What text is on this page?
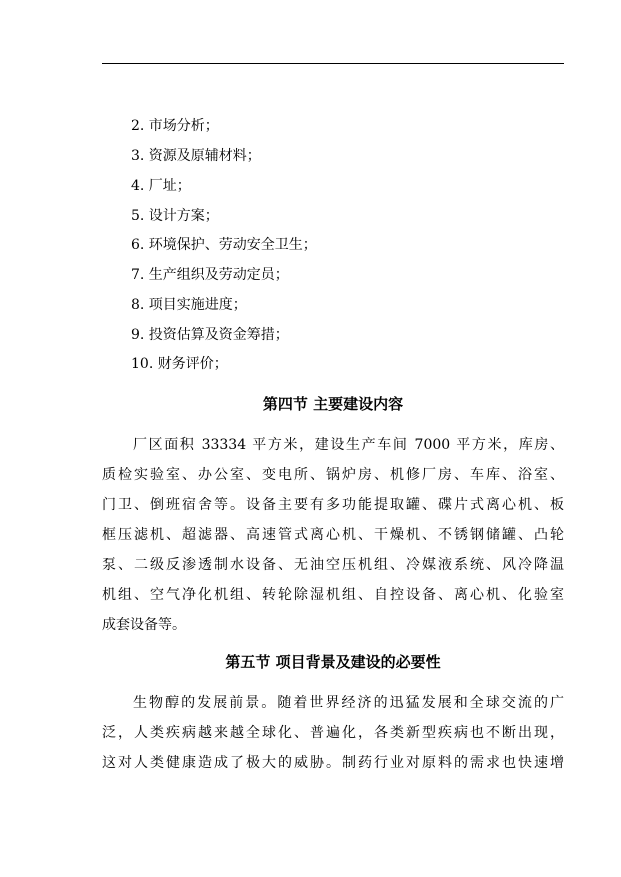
2. 市场分析；
3. 资源及原辅材料；
4. 厂址；
5. 设计方案；
6. 环境保护、劳动安全卫生；
7. 生产组织及劳动定员；
8. 项目实施进度；
9. 投资估算及资金筹措；
10. 财务评价；
第四节 主要建设内容
厂区面积 33334 平方米，建设生产车间 7000 平方米，库房、
质检实验室、办公室、变电所、锅炉房、机修厂房、车库、浴室、
门卫、倒班宿舍等。设备主要有多功能提取罐、碟片式离心机、板
框压滤机、超滤器、高速管式离心机、干燥机、不锈钢储罐、凸轮
泵、二级反渗透制水设备、无油空压机组、冷媒液系统、风冷降温
机组、空气净化机组、转轮除湿机组、自控设备、离心机、化验室
成套设备等。
第五节 项目背景及建设的必要性
生物醇的发展前景。随着世界经济的迅猛发展和全球交流的广
泛，人类疾病越来越全球化、普遍化，各类新型疾病也不断出现，
这对人类健康造成了极大的威胁。制药行业对原料的需求也快速增
